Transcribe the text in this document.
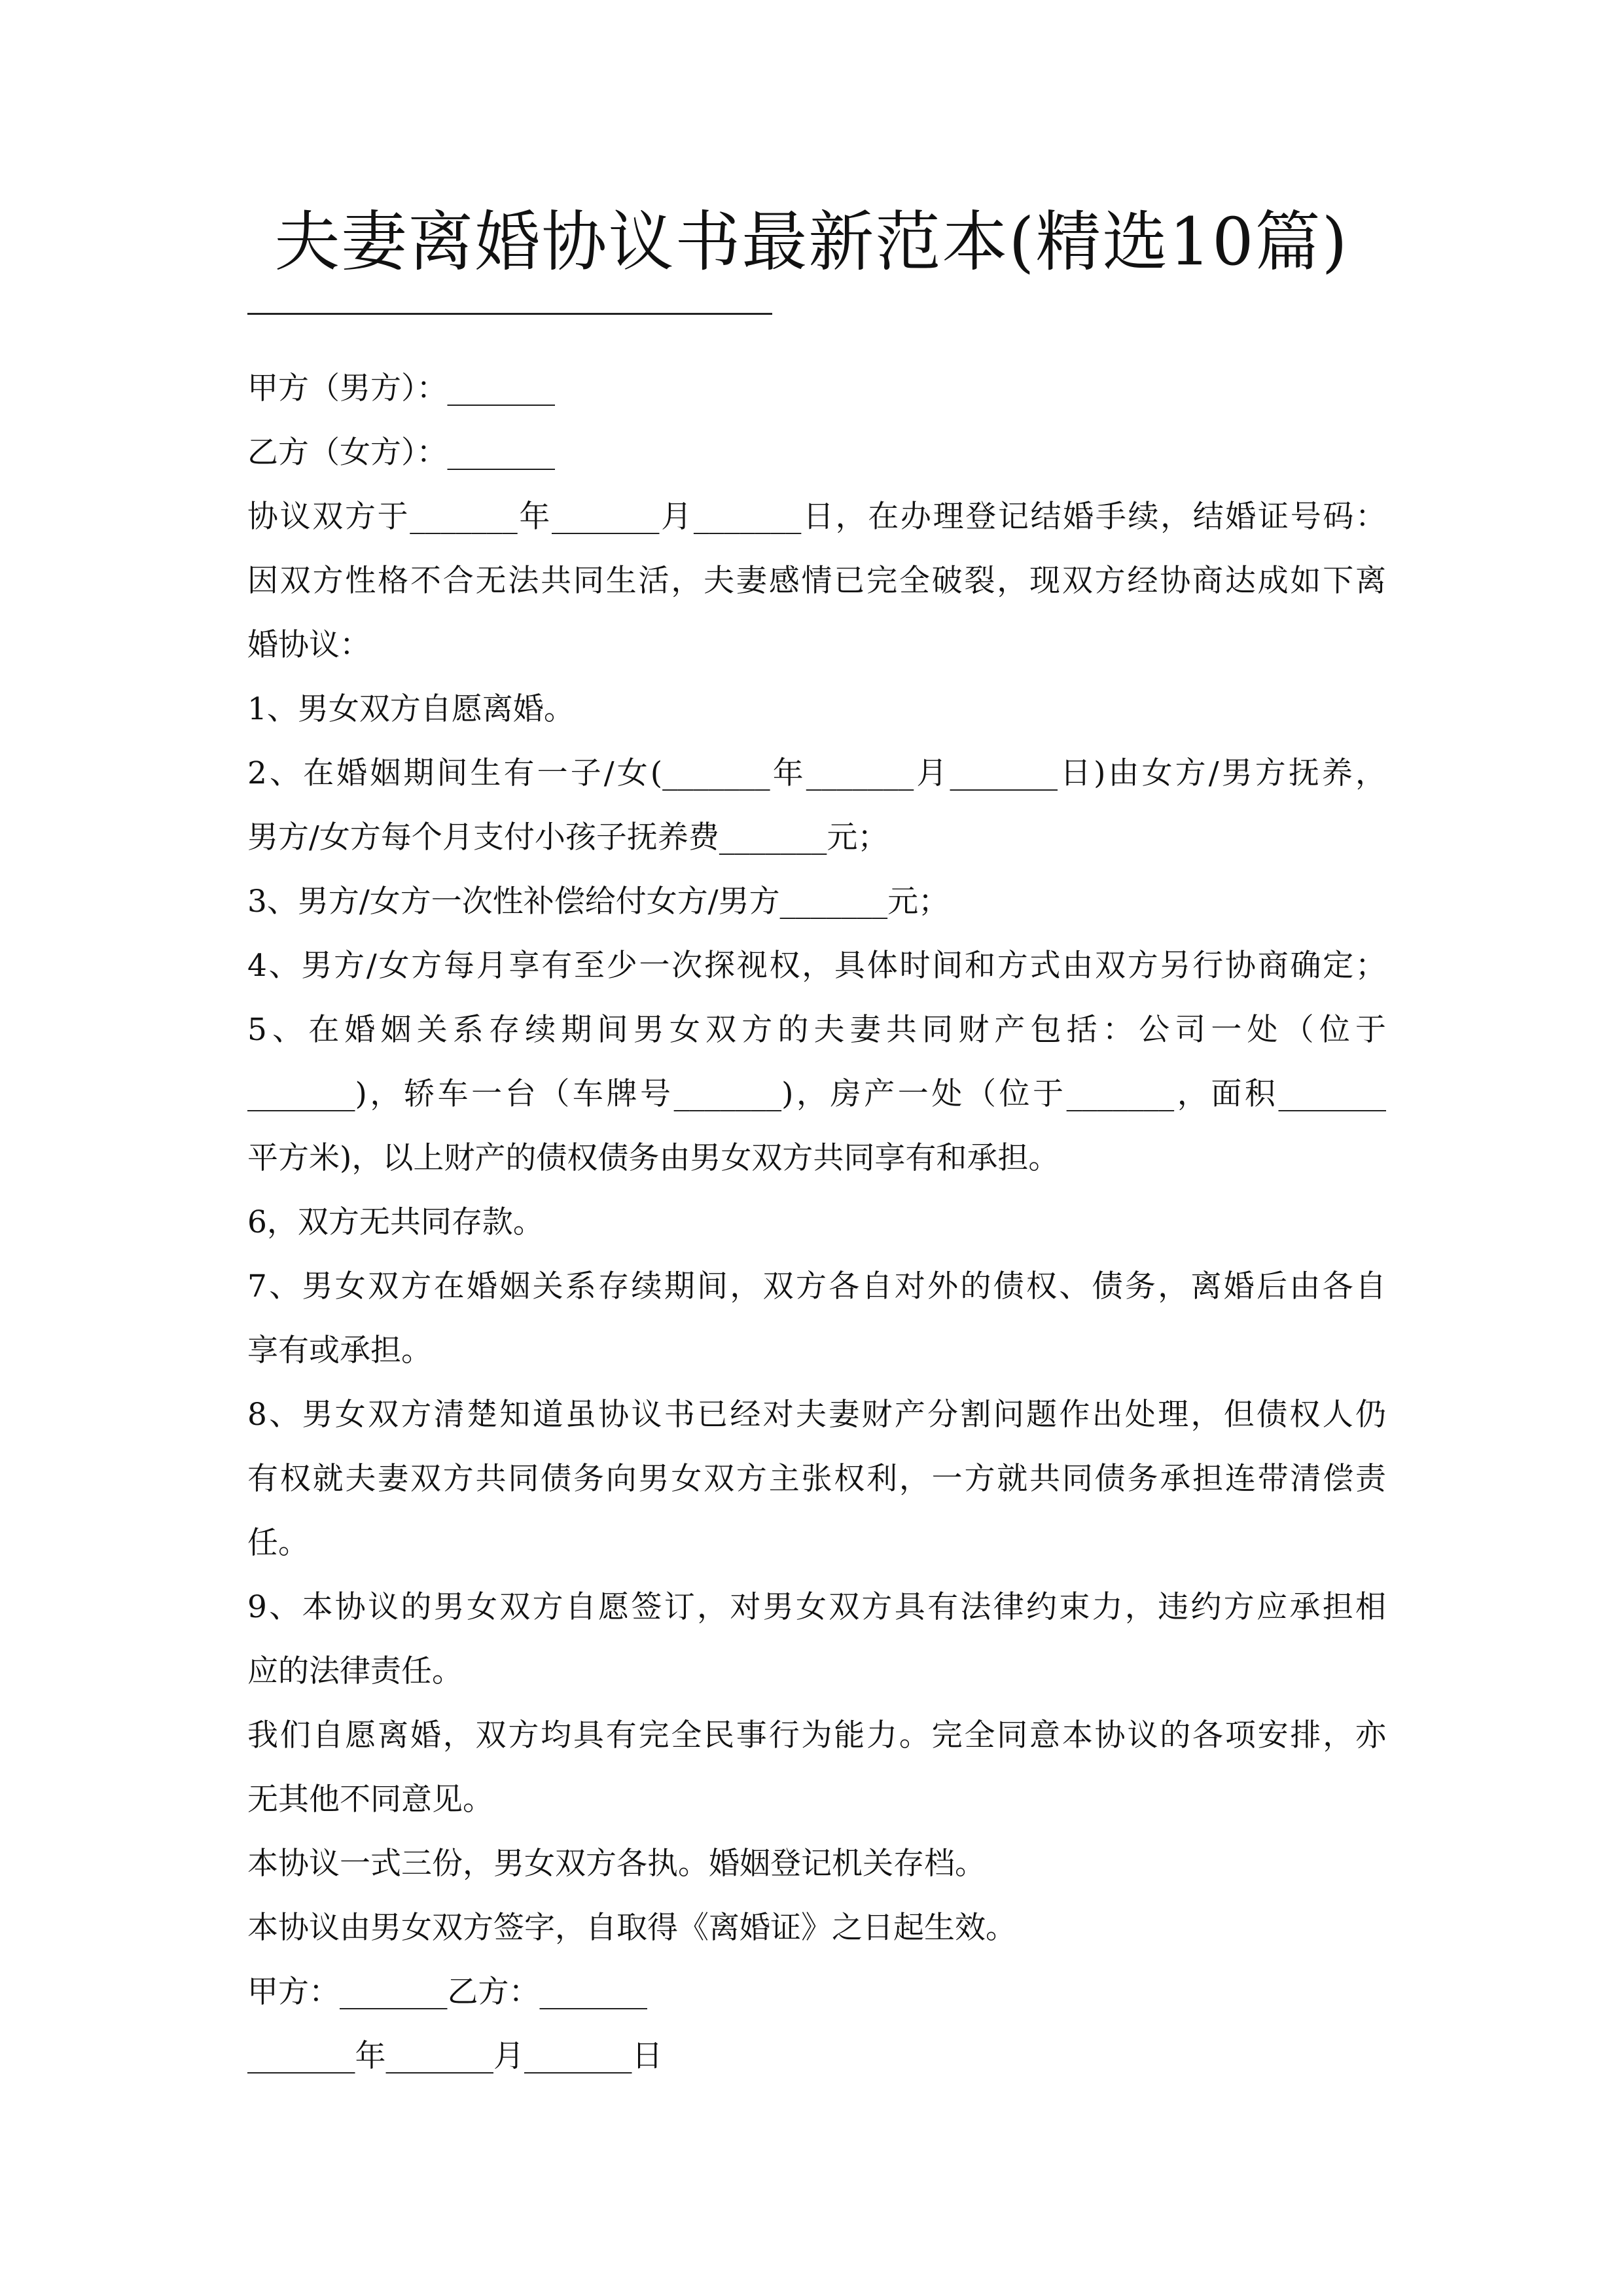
夫妻离婚协议书最新范本(精选10篇)
甲方（男方）：_______
乙方（女方）：_______
协议双方于_______年_______月_______日，在办理登记结婚手续，结婚证号码：
因双方性格不合无法共同生活，夫妻感情已完全破裂，现双方经协商达成如下离
婚协议：
1、男女双方自愿离婚。
2、在婚姻期间生有一子/女(_______年_______月_______日)由女方/男方抚养，
男方/女方每个月支付小孩子抚养费_______元；
3、男方/女方一次性补偿给付女方/男方_______元；
4、男方/女方每月享有至少一次探视权，具体时间和方式由双方另行协商确定；
5、在婚姻关系存续期间男女双方的夫妻共同财产包括：公司一处（位于
_______)，轿车一台（车牌号_______)，房产一处（位于_______，面积_______
平方米)，以上财产的债权债务由男女双方共同享有和承担。
6，双方无共同存款。
7、男女双方在婚姻关系存续期间，双方各自对外的债权、债务，离婚后由各自
享有或承担。
8、男女双方清楚知道虽协议书已经对夫妻财产分割问题作出处理，但债权人仍
有权就夫妻双方共同债务向男女双方主张权利，一方就共同债务承担连带清偿责
任。
9、本协议的男女双方自愿签订，对男女双方具有法律约束力，违约方应承担相
应的法律责任。
我们自愿离婚，双方均具有完全民事行为能力。完全同意本协议的各项安排，亦
无其他不同意见。
本协议一式三份，男女双方各执。婚姻登记机关存档。
本协议由男女双方签字，自取得《离婚证》之日起生效。
甲方：_______乙方：_______
_______年_______月_______日
